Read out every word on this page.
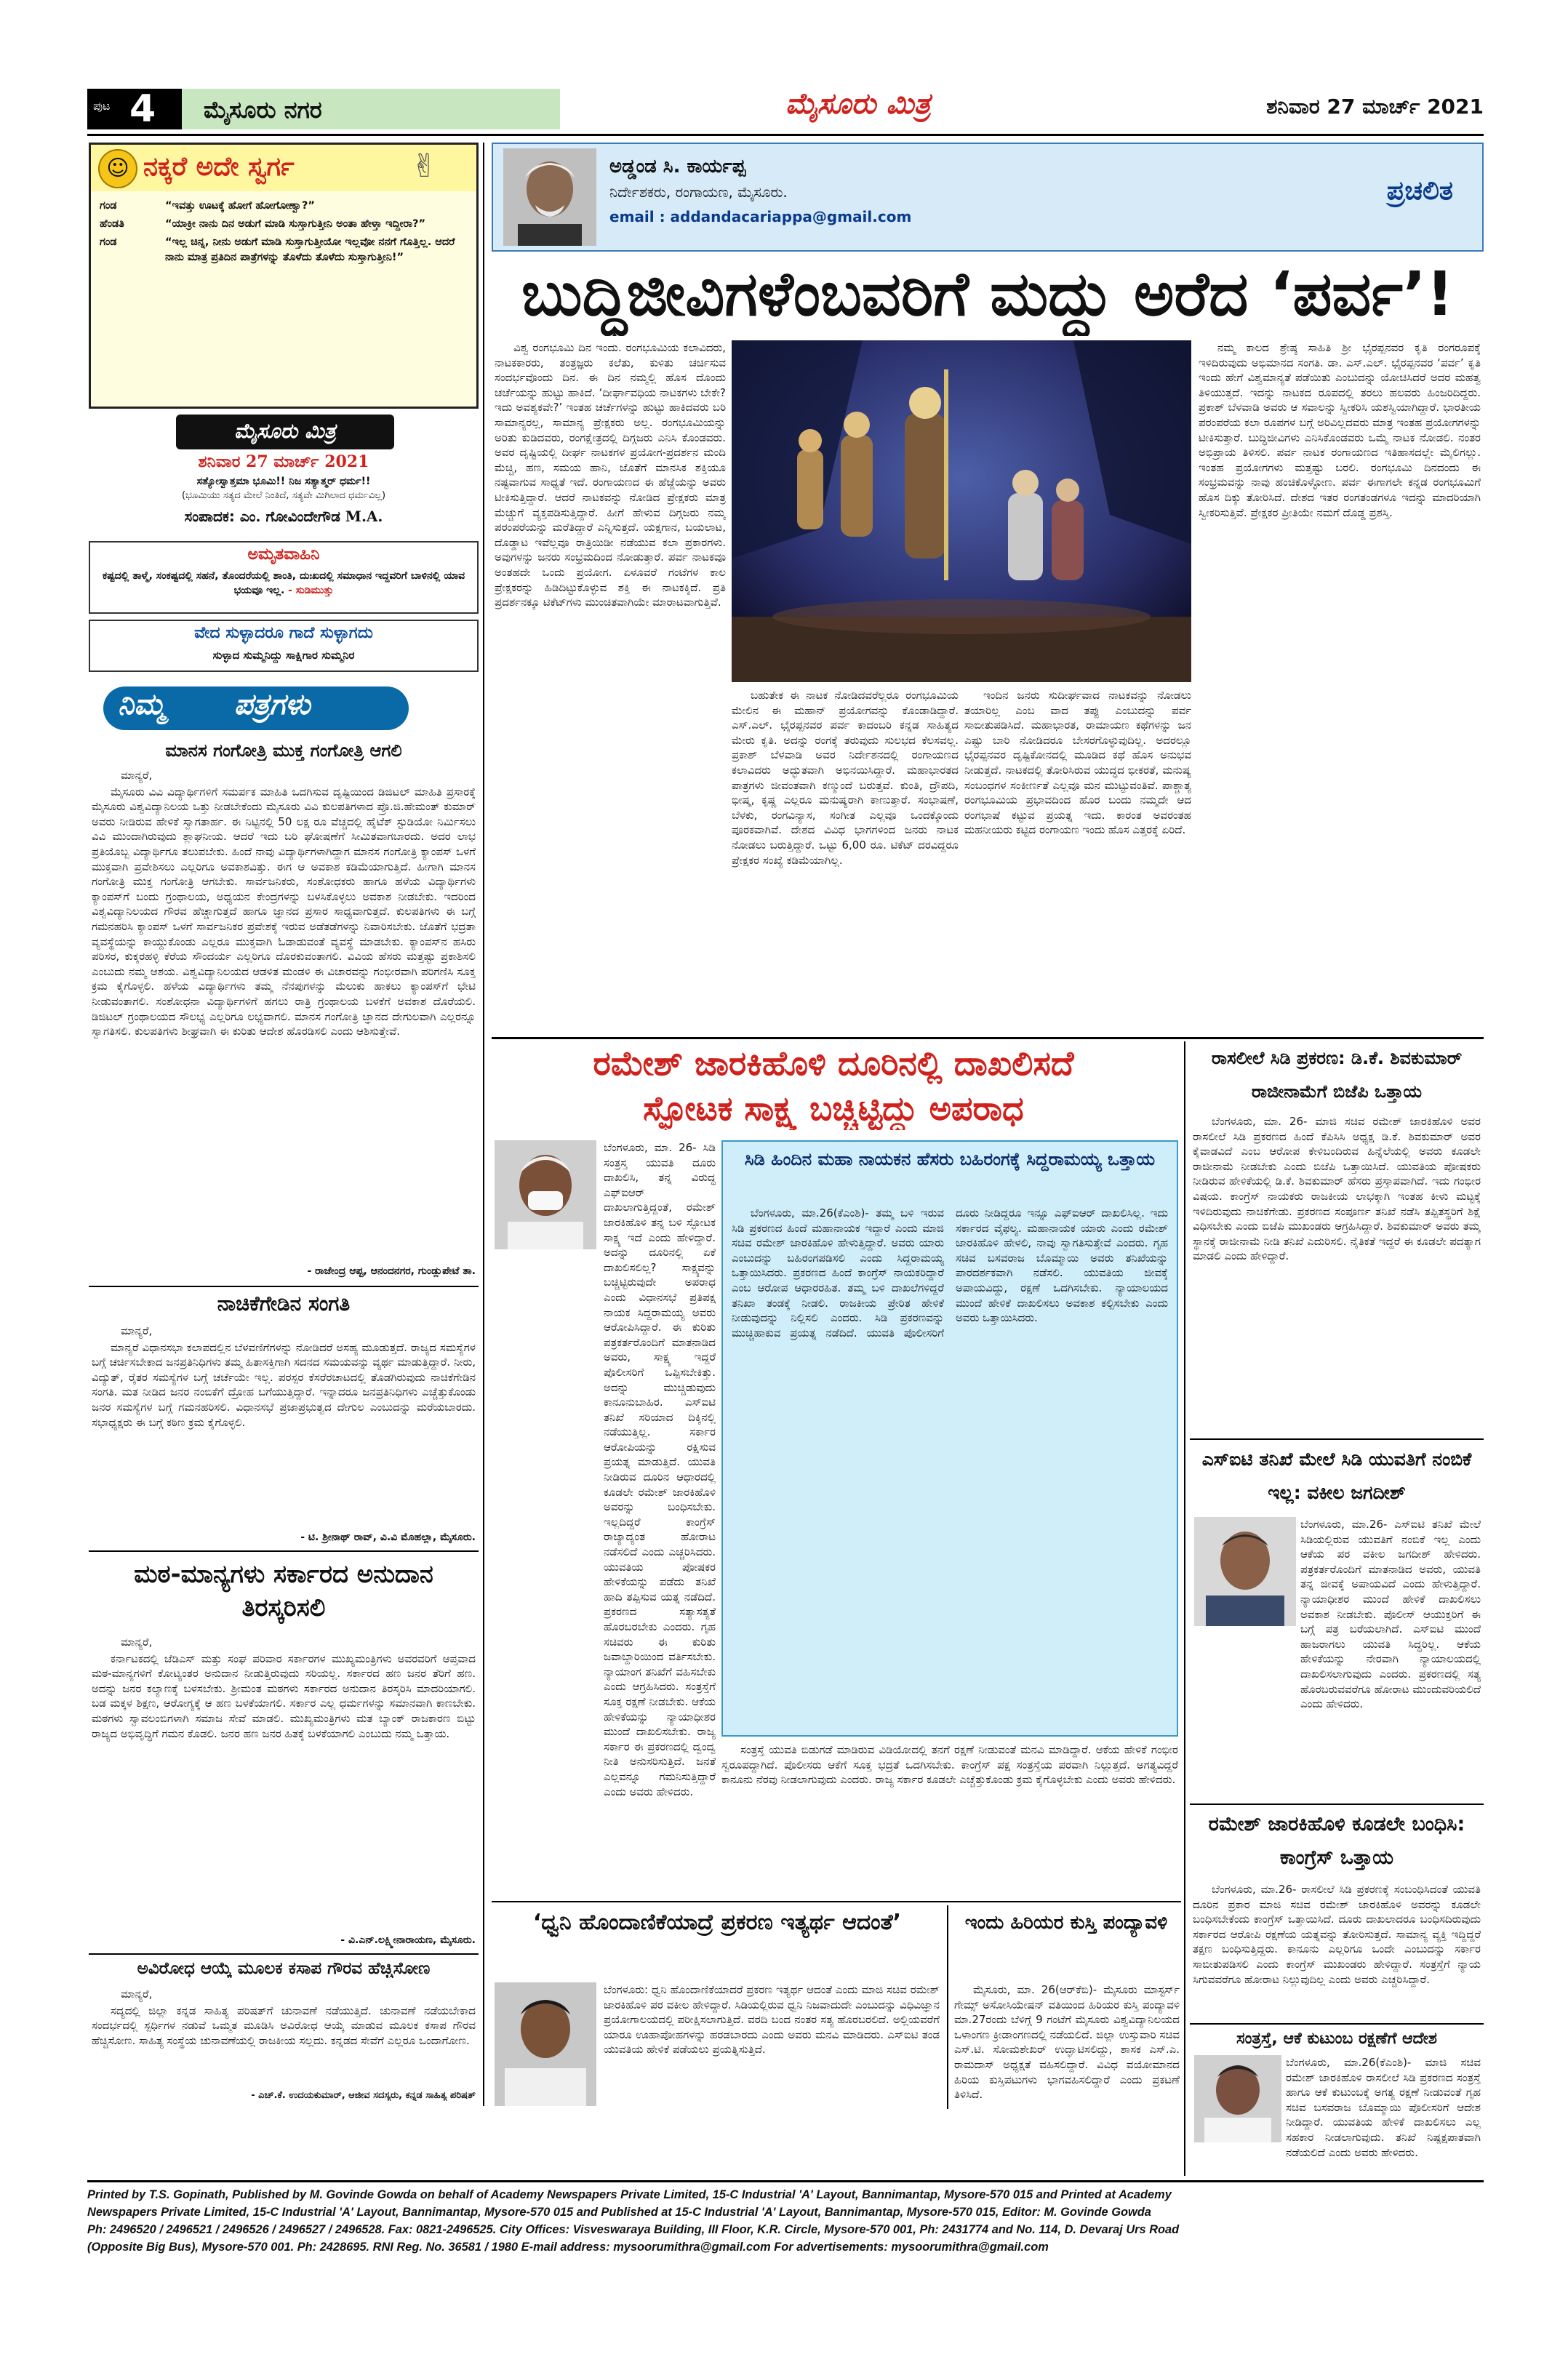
ಪುಟ 4 ಮೈಸೂರು ನಗರ	ಮೈಸೂರು ಮಿತ್ರ	ಶನಿವಾರ 27 ಮಾರ್ಚ್ 2021
☺ ನಕ್ಕರೆ ಅದೇ ಸ್ವರ್ಗ	✌
ಗಂಡ	“ಇವತ್ತು ಊಟಕ್ಕೆ ಹೋಗೆ ಹೋಗೋಣ್ವಾ?”
ಹೆಂಡತಿ	“ಯಾಕ್ರೀ ನಾನು ದಿನ ಅಡುಗೆ ಮಾಡಿ ಸುಸ್ತಾಗುತ್ತೀನಿ ಅಂತಾ ಹೇಳ್ತಾ ಇದ್ದೀರಾ?”
ಗಂಡ	“ಇಲ್ಲ ಚಿನ್ನ, ನೀನು ಅಡುಗೆ ಮಾಡಿ ಸುಸ್ತಾಗುತ್ತೀಯೋ ಇಲ್ಲವೋ ನನಗೆ ಗೊತ್ತಿಲ್ಲ. ಆದರೆ ನಾನು ಮಾತ್ರ ಪ್ರತಿದಿನ ಪಾತ್ರೆಗಳನ್ನು ತೊಳೆದು ತೊಳೆದು ಸುಸ್ತಾಗುತ್ತೀನಿ!”
ಮೈಸೂರು ಮಿತ್ರ
ಶನಿವಾರ 27 ಮಾರ್ಚ್ 2021
ಸತ್ಯೋಸ್ವಾತ್ತಮಾ ಭೂಮಿ!! ನಿಜ ಸತ್ಯಾತ್ಮರ್ ಧರ್ಮ!!
(ಭೂಮಿಯು ಸತ್ಯದ ಮೇಲೆ ನಿಂತಿದೆ, ಸತ್ಯವೇ ಮಿಗಿಲಾದ ಧರ್ಮವಿಲ್ಲ)
ಸಂಪಾದಕ: ಎಂ. ಗೋವಿಂದೇಗೌಡ M.A.
ಅಮೃತವಾಹಿನಿ
ಕಷ್ಟದಲ್ಲಿ ತಾಳ್ಮೆ, ಸಂಕಷ್ಟದಲ್ಲಿ ಸಹನೆ, ತೊಂದರೆಯಲ್ಲಿ ಶಾಂತಿ, ದುಃಖದಲ್ಲಿ ಸಮಾಧಾನ ಇದ್ದವರಿಗೆ ಬಾಳಿನಲ್ಲಿ ಯಾವ ಭಯವೂ ಇಲ್ಲ. - ಸುಡಿಮುತ್ತು
ವೇದ ಸುಳ್ಳಾದರೂ ಗಾದೆ ಸುಳ್ಳಾಗದು
ಸುಳ್ಳಾದ ಸುಮ್ಮನಿದ್ದು ಸಾಕ್ಷಿಗಾರ ಸುಮ್ಮನಿರ
ನಿಮ್ಮ ಪತ್ರಗಳು
ಮಾನಸ ಗಂಗೋತ್ರಿ ಮುಕ್ತ ಗಂಗೋತ್ರಿ ಆಗಲಿ

ಮಾನ್ಯರೆ,

ಮೈಸೂರು ವಿವಿ ವಿದ್ಯಾರ್ಥಿಗಳಿಗೆ ಸಮರ್ಪಕ ಮಾಹಿತಿ ಒದಗಿಸುವ ದೃಷ್ಟಿಯಿಂದ ಡಿಜಿಟಲ್ ಮಾಹಿತಿ ಪ್ರಸಾರಕ್ಕೆ ಮೈಸೂರು ವಿಶ್ವವಿದ್ಯಾನಿಲಯ ಒತ್ತು ನೀಡಬೇಕೆಂದು ಮೈಸೂರು ವಿವಿ ಕುಲಪತಿಗಳಾದ ಪ್ರೊ.ಜಿ.ಹೇಮಂತ್ ಕುಮಾರ್ ಅವರು ನೀಡಿರುವ ಹೇಳಿಕೆ ಸ್ವಾಗತಾರ್ಹ. ಈ ನಿಟ್ಟಿನಲ್ಲಿ 50 ಲಕ್ಷ ರೂ ವೆಚ್ಚದಲ್ಲಿ ಹೈಟೆಕ್ ಸ್ಟುಡಿಯೋ ನಿರ್ಮಿಸಲು ವಿವಿ ಮುಂದಾಗಿರುವುದು ಶ್ಲಾಘನೀಯ. ಆದರೆ ಇದು ಬರಿ ಘೋಷಣೆಗೆ ಸೀಮಿತವಾಗಬಾರದು. ಅದರ ಲಾಭ ಪ್ರತಿಯೊಬ್ಬ ವಿದ್ಯಾರ್ಥಿಗೂ ತಲುಪಬೇಕು. ಹಿಂದೆ ನಾವು ವಿದ್ಯಾರ್ಥಿಗಳಾಗಿದ್ದಾಗ ಮಾನಸ ಗಂಗೋತ್ರಿ ಕ್ಯಾಂಪಸ್ ಒಳಗೆ ಮುಕ್ತವಾಗಿ ಪ್ರವೇಶಿಸಲು ಎಲ್ಲರಿಗೂ ಅವಕಾಶವಿತ್ತು. ಈಗ ಆ ಅವಕಾಶ ಕಡಿಮೆಯಾಗುತ್ತಿದೆ. ಹೀಗಾಗಿ ಮಾನಸ ಗಂಗೋತ್ರಿ ಮುಕ್ತ ಗಂಗೋತ್ರಿ ಆಗಬೇಕು. ಸಾರ್ವಜನಿಕರು, ಸಂಶೋಧಕರು ಹಾಗೂ ಹಳೆಯ ವಿದ್ಯಾರ್ಥಿಗಳು ಕ್ಯಾಂಪಸ್‌ಗೆ ಬಂದು ಗ್ರಂಥಾಲಯ, ಅಧ್ಯಯನ ಕೇಂದ್ರಗಳನ್ನು ಬಳಸಿಕೊಳ್ಳಲು ಅವಕಾಶ ನೀಡಬೇಕು. ಇದರಿಂದ ವಿಶ್ವವಿದ್ಯಾನಿಲಯದ ಗೌರವ ಹೆಚ್ಚಾಗುತ್ತದೆ ಹಾಗೂ ಜ್ಞಾನದ ಪ್ರಸಾರ ಸಾಧ್ಯವಾಗುತ್ತದೆ. ಕುಲಪತಿಗಳು ಈ ಬಗ್ಗೆ ಗಮನಹರಿಸಿ ಕ್ಯಾಂಪಸ್ ಒಳಗೆ ಸಾರ್ವಜನಿಕರ ಪ್ರವೇಶಕ್ಕೆ ಇರುವ ಅಡೆತಡೆಗಳನ್ನು ನಿವಾರಿಸಬೇಕು. ಜೊತೆಗೆ ಭದ್ರತಾ ವ್ಯವಸ್ಥೆಯನ್ನು ಕಾಯ್ದುಕೊಂಡು ಎಲ್ಲರೂ ಮುಕ್ತವಾಗಿ ಓಡಾಡುವಂತೆ ವ್ಯವಸ್ಥೆ ಮಾಡಬೇಕು. ಕ್ಯಾಂಪಸ್‌ನ ಹಸಿರು ಪರಿಸರ, ಕುಕ್ಕರಹಳ್ಳಿ ಕೆರೆಯ ಸೌಂದರ್ಯ ಎಲ್ಲರಿಗೂ ದೊರಕುವಂತಾಗಲಿ. ವಿವಿಯ ಹೆಸರು ಮತ್ತಷ್ಟು ಪ್ರಕಾಶಿಸಲಿ ಎಂಬುದು ನಮ್ಮ ಆಶಯ. ವಿಶ್ವವಿದ್ಯಾನಿಲಯದ ಆಡಳಿತ ಮಂಡಳಿ ಈ ವಿಚಾರವನ್ನು ಗಂಭೀರವಾಗಿ ಪರಿಗಣಿಸಿ ಸೂಕ್ತ ಕ್ರಮ ಕೈಗೊಳ್ಳಲಿ. ಹಳೆಯ ವಿದ್ಯಾರ್ಥಿಗಳು ತಮ್ಮ ನೆನಪುಗಳನ್ನು ಮೆಲುಕು ಹಾಕಲು ಕ್ಯಾಂಪಸ್‌ಗೆ ಭೇಟಿ ನೀಡುವಂತಾಗಲಿ. ಸಂಶೋಧನಾ ವಿದ್ಯಾರ್ಥಿಗಳಿಗೆ ಹಗಲು ರಾತ್ರಿ ಗ್ರಂಥಾಲಯ ಬಳಕೆಗೆ ಅವಕಾಶ ದೊರೆಯಲಿ. ಡಿಜಿಟಲ್ ಗ್ರಂಥಾಲಯದ ಸೌಲಭ್ಯ ಎಲ್ಲರಿಗೂ ಲಭ್ಯವಾಗಲಿ. ಮಾನಸ ಗಂಗೋತ್ರಿ ಜ್ಞಾನದ ದೇಗುಲವಾಗಿ ಎಲ್ಲರನ್ನೂ ಸ್ವಾಗತಿಸಲಿ. ಕುಲಪತಿಗಳು ಶೀಘ್ರವಾಗಿ ಈ ಕುರಿತು ಆದೇಶ ಹೊರಡಿಸಲಿ ಎಂದು ಆಶಿಸುತ್ತೇವೆ.

- ರಾಜೇಂದ್ರ ಆಪ್ಟ, ಆನಂದನಗರ, ಗುಂಡ್ಲುಪೇಟೆ ತಾ.
ನಾಚಿಕೆಗೇಡಿನ ಸಂಗತಿ

ಮಾನ್ಯರೆ,

ಮಾನ್ಯರೆ ವಿಧಾನಸಭಾ ಕಲಾಪದಲ್ಲಿನ ಬೆಳವಣಿಗೆಗಳನ್ನು ನೋಡಿದರೆ ಅಸಹ್ಯ ಮೂಡುತ್ತದೆ. ರಾಜ್ಯದ ಸಮಸ್ಯೆಗಳ ಬಗ್ಗೆ ಚರ್ಚಿಸಬೇಕಾದ ಜನಪ್ರತಿನಿಧಿಗಳು ತಮ್ಮ ಹಿತಾಸಕ್ತಿಗಾಗಿ ಸದನದ ಸಮಯವನ್ನು ವ್ಯರ್ಥ ಮಾಡುತ್ತಿದ್ದಾರೆ. ನೀರು, ವಿದ್ಯುತ್, ರೈತರ ಸಮಸ್ಯೆಗಳ ಬಗ್ಗೆ ಚರ್ಚೆಯೇ ಇಲ್ಲ. ಪರಸ್ಪರ ಕೆಸರೆರಚಾಟದಲ್ಲಿ ತೊಡಗಿರುವುದು ನಾಚಿಕೆಗೇಡಿನ ಸಂಗತಿ. ಮತ ನೀಡಿದ ಜನರ ನಂಬಿಕೆಗೆ ದ್ರೋಹ ಬಗೆಯುತ್ತಿದ್ದಾರೆ. ಇನ್ನಾದರೂ ಜನಪ್ರತಿನಿಧಿಗಳು ಎಚ್ಚೆತ್ತುಕೊಂಡು ಜನರ ಸಮಸ್ಯೆಗಳ ಬಗ್ಗೆ ಗಮನಹರಿಸಲಿ. ವಿಧಾನಸಭೆ ಪ್ರಜಾಪ್ರಭುತ್ವದ ದೇಗುಲ ಎಂಬುದನ್ನು ಮರೆಯಬಾರದು. ಸಭಾಧ್ಯಕ್ಷರು ಈ ಬಗ್ಗೆ ಕಠಿಣ ಕ್ರಮ ಕೈಗೊಳ್ಳಲಿ.

- ಟಿ. ಶ್ರೀನಾಥ್ ರಾವ್, ವಿ.ವಿ ಮೊಹಲ್ಲಾ, ಮೈಸೂರು.
ಮಠ-ಮಾನ್ಯಗಳು ಸರ್ಕಾರದ ಅನುದಾನ ತಿರಸ್ಕರಿಸಲಿ

ಮಾನ್ಯರೆ,

ಕರ್ನಾಟಕದಲ್ಲಿ ಜೆಡಿಎಸ್ ಮತ್ತು ಸಂಘ ಪರಿವಾರ ಸರ್ಕಾರಗಳ ಮುಖ್ಯಮಂತ್ರಿಗಳು ಅವರವರಿಗೆ ಆಪ್ತವಾದ ಮಠ-ಮಾನ್ಯಗಳಿಗೆ ಕೋಟ್ಯಂತರ ಅನುದಾನ ನೀಡುತ್ತಿರುವುದು ಸರಿಯಲ್ಲ. ಸರ್ಕಾರದ ಹಣ ಜನರ ತೆರಿಗೆ ಹಣ. ಅದನ್ನು ಜನರ ಕಲ್ಯಾಣಕ್ಕೆ ಬಳಸಬೇಕು. ಶ್ರೀಮಂತ ಮಠಗಳು ಸರ್ಕಾರದ ಅನುದಾನ ತಿರಸ್ಕರಿಸಿ ಮಾದರಿಯಾಗಲಿ. ಬಡ ಮಕ್ಕಳ ಶಿಕ್ಷಣ, ಆರೋಗ್ಯಕ್ಕೆ ಆ ಹಣ ಬಳಕೆಯಾಗಲಿ. ಸರ್ಕಾರ ಎಲ್ಲ ಧರ್ಮಗಳನ್ನು ಸಮಾನವಾಗಿ ಕಾಣಬೇಕು. ಮಠಗಳು ಸ್ವಾವಲಂಬಿಗಳಾಗಿ ಸಮಾಜ ಸೇವೆ ಮಾಡಲಿ. ಮುಖ್ಯಮಂತ್ರಿಗಳು ಮತ ಬ್ಯಾಂಕ್ ರಾಜಕಾರಣ ಬಿಟ್ಟು ರಾಜ್ಯದ ಅಭಿವೃದ್ಧಿಗೆ ಗಮನ ಕೊಡಲಿ. ಜನರ ಹಣ ಜನರ ಹಿತಕ್ಕೆ ಬಳಕೆಯಾಗಲಿ ಎಂಬುದು ನಮ್ಮ ಒತ್ತಾಯ.

- ವಿ.ಎನ್.ಲಕ್ಷ್ಮೀನಾರಾಯಣ, ಮೈಸೂರು.
ಅವಿರೋಧ ಆಯ್ಕೆ ಮೂಲಕ ಕಸಾಪ ಗೌರವ ಹೆಚ್ಚಿಸೋಣ

ಮಾನ್ಯರೆ,

ಸದ್ಯದಲ್ಲಿ ಜಿಲ್ಲಾ ಕನ್ನಡ ಸಾಹಿತ್ಯ ಪರಿಷತ್‌ಗೆ ಚುನಾವಣೆ ನಡೆಯುತ್ತಿದೆ. ಚುನಾವಣೆ ನಡೆಯಬೇಕಾದ ಸಂದರ್ಭದಲ್ಲಿ ಸ್ಪರ್ಧಿಗಳ ನಡುವೆ ಒಮ್ಮತ ಮೂಡಿಸಿ ಅವಿರೋಧ ಆಯ್ಕೆ ಮಾಡುವ ಮೂಲಕ ಕಸಾಪ ಗೌರವ ಹೆಚ್ಚಿಸೋಣ. ಸಾಹಿತ್ಯ ಸಂಸ್ಥೆಯ ಚುನಾವಣೆಯಲ್ಲಿ ರಾಜಕೀಯ ಸಲ್ಲದು. ಕನ್ನಡದ ಸೇವೆಗೆ ಎಲ್ಲರೂ ಒಂದಾಗೋಣ.

- ಎಚ್.ಕೆ. ಉದಯಕುಮಾರ್, ಆಜೀವ ಸದಸ್ಯರು, ಕನ್ನಡ ಸಾಹಿತ್ಯ ಪರಿಷತ್
ಅಡ್ಡಂಡ ಸಿ. ಕಾರ್ಯಪ್ಪ
ನಿರ್ದೇಶಕರು, ರಂಗಾಯಣ, ಮೈಸೂರು.
email : addandacariappa@gmail.com
ಪ್ರಚಲಿತ
ಬುದ್ಧಿಜೀವಿಗಳೆಂಬವರಿಗೆ ಮದ್ದು ಅರೆದ ‘ಪರ್ವ’!
ವಿಶ್ವ ರಂಗಭೂಮಿ ದಿನ ಇಂದು. ರಂಗಭೂಮಿಯ ಕಲಾವಿದರು, ನಾಟಕಕಾರರು, ತಂತ್ರಜ್ಞರು ಕಲೆತು, ಕುಳಿತು ಚರ್ಚಿಸುವ ಸಂದರ್ಭವೊಂದು ದಿನ. ಈ ದಿನ ನಮ್ಮಲ್ಲಿ ಹೊಸ ದೊಂದು ಚರ್ಚೆಯನ್ನು ಹುಟ್ಟು ಹಾಕಿದೆ. ‘ದೀರ್ಘಾವಧಿಯ ನಾಟಕಗಳು ಬೇಕೇ? ಇದು ಅವಶ್ಯಕವೇ?’ ಇಂತಹ ಚರ್ಚೆಗಳನ್ನು ಹುಟ್ಟು ಹಾಕಿದವರು ಬರಿ ಸಾಮಾನ್ಯರಲ್ಲ, ಸಾಮಾನ್ಯ ಪ್ರೇಕ್ಷಕರು ಅಲ್ಲ. ರಂಗಭೂಮಿಯನ್ನು ಅರಿತು ಕುಡಿದವರು, ರಂಗಕ್ಷೇತ್ರದಲ್ಲಿ ದಿಗ್ಗಜರು ಎನಿಸಿ ಕೊಂಡವರು. ಅವರ ದೃಷ್ಟಿಯಲ್ಲಿ ದೀರ್ಘ ನಾಟಕಗಳ ಪ್ರಯೋಗ-ಪ್ರದರ್ಶನ ಮಂದಿ ಮೆಚ್ಚಿ, ಹಣ, ಸಮಯ ಹಾನಿ, ಜೊತೆಗೆ ಮಾನಸಿಕ ಶಕ್ತಿಯೂ ನಷ್ಟವಾಗುವ ಸಾಧ್ಯತೆ ಇದೆ. ರಂಗಾಯಣದ ಈ ಹೆಜ್ಜೆಯನ್ನು ಅವರು ಟೀಕಿಸುತ್ತಿದ್ದಾರೆ. ಆದರೆ ನಾಟಕವನ್ನು ನೋಡಿದ ಪ್ರೇಕ್ಷಕರು ಮಾತ್ರ ಮೆಚ್ಚುಗೆ ವ್ಯಕ್ತಪಡಿಸುತ್ತಿದ್ದಾರೆ. ಹೀಗೆ ಹೇಳುವ ದಿಗ್ಗಜರು ನಮ್ಮ ಪರಂಪರೆಯನ್ನು ಮರೆತಿದ್ದಾರೆ ಎನ್ನಿಸುತ್ತದೆ. ಯಕ್ಷಗಾನ, ಬಯಲಾಟ, ದೊಡ್ಡಾಟ ಇವೆಲ್ಲವೂ ರಾತ್ರಿಯಿಡೀ ನಡೆಯುವ ಕಲಾ ಪ್ರಕಾರಗಳು. ಅವುಗಳನ್ನು ಜನರು ಸಂಭ್ರಮದಿಂದ ನೋಡುತ್ತಾರೆ. ಪರ್ವ ನಾಟಕವೂ ಅಂತಹದೇ ಒಂದು ಪ್ರಯೋಗ. ಏಳೂವರೆ ಗಂಟೆಗಳ ಕಾಲ ಪ್ರೇಕ್ಷಕರನ್ನು ಹಿಡಿದಿಟ್ಟುಕೊಳ್ಳುವ ಶಕ್ತಿ ಈ ನಾಟಕಕ್ಕಿದೆ. ಪ್ರತಿ ಪ್ರದರ್ಶನಕ್ಕೂ ಟಿಕೆಟ್‌ಗಳು ಮುಂಚಿತವಾಗಿಯೇ ಮಾರಾಟವಾಗುತ್ತಿವೆ.
ಬಹುತೇಕ ಈ ನಾಟಕ ನೋಡಿದವರೆಲ್ಲರೂ ರಂಗಭೂಮಿಯ ಮೇಲಿನ ಈ ಮಹಾನ್ ಪ್ರಯೋಗವನ್ನು ಕೊಂಡಾಡಿದ್ದಾರೆ. ಎಸ್.ಎಲ್. ಭೈರಪ್ಪನವರ ಪರ್ವ ಕಾದಂಬರಿ ಕನ್ನಡ ಸಾಹಿತ್ಯದ ಮೇರು ಕೃತಿ. ಅದನ್ನು ರಂಗಕ್ಕೆ ತರುವುದು ಸುಲಭದ ಕೆಲಸವಲ್ಲ. ಪ್ರಕಾಶ್ ಬೆಳವಾಡಿ ಅವರ ನಿರ್ದೇಶನದಲ್ಲಿ ರಂಗಾಯಣದ ಕಲಾವಿದರು ಅದ್ಭುತವಾಗಿ ಅಭಿನಯಿಸಿದ್ದಾರೆ. ಮಹಾಭಾರತದ ಪಾತ್ರಗಳು ಜೀವಂತವಾಗಿ ಕಣ್ಮುಂದೆ ಬರುತ್ತವೆ. ಕುಂತಿ, ದ್ರೌಪದಿ, ಭೀಷ್ಮ, ಕೃಷ್ಣ ಎಲ್ಲರೂ ಮನುಷ್ಯರಾಗಿ ಕಾಣುತ್ತಾರೆ. ಸಂಭಾಷಣೆ, ಬೆಳಕು, ರಂಗವಿನ್ಯಾಸ, ಸಂಗೀತ ಎಲ್ಲವೂ ಒಂದಕ್ಕೊಂದು ಪೂರಕವಾಗಿವೆ. ದೇಶದ ವಿವಿಧ ಭಾಗಗಳಿಂದ ಜನರು ನಾಟಕ ನೋಡಲು ಬರುತ್ತಿದ್ದಾರೆ. ಒಟ್ಟು 6,00 ರೂ. ಟಿಕೆಟ್ ದರವಿದ್ದರೂ ಪ್ರೇಕ್ಷಕರ ಸಂಖ್ಯೆ ಕಡಿಮೆಯಾಗಿಲ್ಲ.
ಇಂದಿನ ಜನರು ಸುದೀರ್ಘವಾದ ನಾಟಕವನ್ನು ನೋಡಲು ತಯಾರಿಲ್ಲ ಎಂಬ ವಾದ ತಪ್ಪು ಎಂಬುದನ್ನು ಪರ್ವ ಸಾಬೀತುಪಡಿಸಿದೆ. ಮಹಾಭಾರತ, ರಾಮಾಯಣ ಕಥೆಗಳನ್ನು ಜನ ಎಷ್ಟು ಬಾರಿ ನೋಡಿದರೂ ಬೇಸರಗೊಳ್ಳುವುದಿಲ್ಲ. ಅದರಲ್ಲೂ ಭೈರಪ್ಪನವರ ದೃಷ್ಟಿಕೋನದಲ್ಲಿ ಮೂಡಿದ ಕಥೆ ಹೊಸ ಅನುಭವ ನೀಡುತ್ತದೆ. ನಾಟಕದಲ್ಲಿ ತೋರಿಸಿರುವ ಯುದ್ಧದ ಭೀಕರತೆ, ಮನುಷ್ಯ ಸಂಬಂಧಗಳ ಸಂಕೀರ್ಣತೆ ಎಲ್ಲವೂ ಮನ ಮುಟ್ಟುವಂತಿವೆ. ಪಾಶ್ಚಾತ್ಯ ರಂಗಭೂಮಿಯ ಪ್ರಭಾವದಿಂದ ಹೊರ ಬಂದು ನಮ್ಮದೇ ಆದ ರಂಗಭಾಷೆ ಕಟ್ಟುವ ಪ್ರಯತ್ನ ಇದು. ಕಾರಂತ ಅವರಂತಹ ಮಹನೀಯರು ಕಟ್ಟಿದ ರಂಗಾಯಣ ಇಂದು ಹೊಸ ಎತ್ತರಕ್ಕೆ ಏರಿದೆ.
ನಮ್ಮ ಕಾಲದ ಶ್ರೇಷ್ಠ ಸಾಹಿತಿ ಶ್ರೀ ಭೈರಪ್ಪನವರ ಕೃತಿ ರಂಗರೂಪಕ್ಕೆ ಇಳಿದಿರುವುದು ಅಭಿಮಾನದ ಸಂಗತಿ. ಡಾ. ಎಸ್.ಎಲ್. ಭೈರಪ್ಪನವರ ‘ಪರ್ವ’ ಕೃತಿ ಇಂದು ಹೇಗೆ ವಿಶ್ವಮಾನ್ಯತೆ ಪಡೆಯಿತು ಎಂಬುದನ್ನು ಯೋಚಿಸಿದರೆ ಅದರ ಮಹತ್ವ ತಿಳಿಯುತ್ತದೆ. ಇದನ್ನು ನಾಟಕದ ರೂಪದಲ್ಲಿ ತರಲು ಹಲವರು ಹಿಂಜರಿದಿದ್ದರು. ಪ್ರಕಾಶ್ ಬೆಳವಾಡಿ ಅವರು ಆ ಸವಾಲನ್ನು ಸ್ವೀಕರಿಸಿ ಯಶಸ್ವಿಯಾಗಿದ್ದಾರೆ. ಭಾರತೀಯ ಪರಂಪರೆಯ ಕಲಾ ರೂಪಗಳ ಬಗ್ಗೆ ಅರಿವಿಲ್ಲದವರು ಮಾತ್ರ ಇಂತಹ ಪ್ರಯೋಗಗಳನ್ನು ಟೀಕಿಸುತ್ತಾರೆ. ಬುದ್ಧಿಜೀವಿಗಳು ಎನಿಸಿಕೊಂಡವರು ಒಮ್ಮೆ ನಾಟಕ ನೋಡಲಿ. ನಂತರ ಅಭಿಪ್ರಾಯ ತಿಳಿಸಲಿ. ಪರ್ವ ನಾಟಕ ರಂಗಾಯಣದ ಇತಿಹಾಸದಲ್ಲೇ ಮೈಲಿಗಲ್ಲು. ಇಂತಹ ಪ್ರಯೋಗಗಳು ಮತ್ತಷ್ಟು ಬರಲಿ. ರಂಗಭೂಮಿ ದಿನದಂದು ಈ ಸಂಭ್ರಮವನ್ನು ನಾವು ಹಂಚಿಕೊಳ್ಳೋಣ. ಪರ್ವ ಈಗಾಗಲೇ ಕನ್ನಡ ರಂಗಭೂಮಿಗೆ ಹೊಸ ದಿಕ್ಕು ತೋರಿಸಿದೆ. ದೇಶದ ಇತರ ರಂಗತಂಡಗಳೂ ಇದನ್ನು ಮಾದರಿಯಾಗಿ ಸ್ವೀಕರಿಸುತ್ತಿವೆ. ಪ್ರೇಕ್ಷಕರ ಪ್ರೀತಿಯೇ ನಮಗೆ ದೊಡ್ಡ ಪ್ರಶಸ್ತಿ.
ರಮೇಶ್ ಜಾರಕಿಹೊಳಿ ದೂರಿನಲ್ಲಿ ದಾಖಲಿಸದೆ
ಸ್ಫೋಟಕ ಸಾಕ್ಷ್ಯ ಬಚ್ಚಿಟ್ಟಿದ್ದು ಅಪರಾಧ
ಬೆಂಗಳೂರು, ಮಾ. 26- ಸಿಡಿ ಸಂತ್ರಸ್ತ ಯುವತಿ ದೂರು ದಾಖಲಿಸಿ, ತನ್ನ ವಿರುದ್ಧ ಎಫ್‌ಐಆರ್ ದಾಖಲಾಗುತ್ತಿದ್ದಂತೆ, ರಮೇಶ್ ಜಾರಕಿಹೊಳಿ ತನ್ನ ಬಳಿ ಸ್ಫೋಟಕ ಸಾಕ್ಷ್ಯ ಇದೆ ಎಂದು ಹೇಳಿದ್ದಾರೆ. ಅದನ್ನು ದೂರಿನಲ್ಲಿ ಏಕೆ ದಾಖಲಿಸಲಿಲ್ಲ? ಸಾಕ್ಷ್ಯವನ್ನು ಬಚ್ಚಿಟ್ಟಿರುವುದೇ ಅಪರಾಧ ಎಂದು ವಿಧಾನಸಭೆ ಪ್ರತಿಪಕ್ಷ ನಾಯಕ ಸಿದ್ದರಾಮಯ್ಯ ಅವರು ಆರೋಪಿಸಿದ್ದಾರೆ. ಈ ಕುರಿತು ಪತ್ರಕರ್ತರೊಂದಿಗೆ ಮಾತನಾಡಿದ ಅವರು, ಸಾಕ್ಷ್ಯ ಇದ್ದರೆ ಪೊಲೀಸರಿಗೆ ಒಪ್ಪಿಸಬೇಕಿತ್ತು. ಅದನ್ನು ಮುಚ್ಚಿಡುವುದು ಕಾನೂನುಬಾಹಿರ. ಎಸ್‌ಐಟಿ ತನಿಖೆ ಸರಿಯಾದ ದಿಕ್ಕಿನಲ್ಲಿ ನಡೆಯುತ್ತಿಲ್ಲ. ಸರ್ಕಾರ ಆರೋಪಿಯನ್ನು ರಕ್ಷಿಸುವ ಪ್ರಯತ್ನ ಮಾಡುತ್ತಿದೆ. ಯುವತಿ ನೀಡಿರುವ ದೂರಿನ ಆಧಾರದಲ್ಲಿ ಕೂಡಲೇ ರಮೇಶ್ ಜಾರಕಿಹೊಳಿ ಅವರನ್ನು ಬಂಧಿಸಬೇಕು. ಇಲ್ಲದಿದ್ದರೆ ಕಾಂಗ್ರೆಸ್ ರಾಜ್ಯಾದ್ಯಂತ ಹೋರಾಟ ನಡೆಸಲಿದೆ ಎಂದು ಎಚ್ಚರಿಸಿದರು. ಯುವತಿಯ ಪೋಷಕರ ಹೇಳಿಕೆಯನ್ನು ಪಡೆದು ತನಿಖೆ ಹಾದಿ ತಪ್ಪಿಸುವ ಯತ್ನ ನಡೆದಿದೆ. ಪ್ರಕರಣದ ಸತ್ಯಾಸತ್ಯತೆ ಹೊರಬರಬೇಕು ಎಂದರು. ಗೃಹ ಸಚಿವರು ಈ ಕುರಿತು ಜವಾಬ್ದಾರಿಯಿಂದ ವರ್ತಿಸಬೇಕು. ನ್ಯಾಯಾಂಗ ತನಿಖೆಗೆ ವಹಿಸಬೇಕು ಎಂದು ಆಗ್ರಹಿಸಿದರು. ಸಂತ್ರಸ್ತೆಗೆ ಸೂಕ್ತ ರಕ್ಷಣೆ ನೀಡಬೇಕು. ಆಕೆಯ ಹೇಳಿಕೆಯನ್ನು ನ್ಯಾಯಾಧೀಶರ ಮುಂದೆ ದಾಖಲಿಸಬೇಕು. ರಾಜ್ಯ ಸರ್ಕಾರ ಈ ಪ್ರಕರಣದಲ್ಲಿ ದ್ವಂದ್ವ ನೀತಿ ಅನುಸರಿಸುತ್ತಿದೆ. ಜನತೆ ಎಲ್ಲವನ್ನೂ ಗಮನಿಸುತ್ತಿದ್ದಾರೆ ಎಂದು ಅವರು ಹೇಳಿದರು.
ಸಿಡಿ ಹಿಂದಿನ ಮಹಾ ನಾಯಕನ ಹೆಸರು ಬಹಿರಂಗಕ್ಕೆ ಸಿದ್ದರಾಮಯ್ಯ ಒತ್ತಾಯ
ಬೆಂಗಳೂರು, ಮಾ.26(ಕೆಎಂಶಿ)- ತಮ್ಮ ಬಳಿ ಇರುವ ಸಿಡಿ ಪ್ರಕರಣದ ಹಿಂದೆ ಮಹಾನಾಯಕ ಇದ್ದಾರೆ ಎಂದು ಮಾಜಿ ಸಚಿವ ರಮೇಶ್ ಜಾರಕಿಹೊಳಿ ಹೇಳುತ್ತಿದ್ದಾರೆ. ಅವರು ಯಾರು ಎಂಬುದನ್ನು ಬಹಿರಂಗಪಡಿಸಲಿ ಎಂದು ಸಿದ್ದರಾಮಯ್ಯ ಒತ್ತಾಯಿಸಿದರು. ಪ್ರಕರಣದ ಹಿಂದೆ ಕಾಂಗ್ರೆಸ್ ನಾಯಕರಿದ್ದಾರೆ ಎಂಬ ಆರೋಪ ಆಧಾರರಹಿತ. ತಮ್ಮ ಬಳಿ ದಾಖಲೆಗಳಿದ್ದರೆ ತನಿಖಾ ತಂಡಕ್ಕೆ ನೀಡಲಿ. ರಾಜಕೀಯ ಪ್ರೇರಿತ ಹೇಳಿಕೆ ನೀಡುವುದನ್ನು ನಿಲ್ಲಿಸಲಿ ಎಂದರು. ಸಿಡಿ ಪ್ರಕರಣವನ್ನು ಮುಚ್ಚಿಹಾಕುವ ಪ್ರಯತ್ನ ನಡೆದಿದೆ. ಯುವತಿ ಪೊಲೀಸರಿಗೆ ದೂರು ನೀಡಿದ್ದರೂ ಇನ್ನೂ ಎಫ್‌ಐಆರ್ ದಾಖಲಿಸಿಲ್ಲ. ಇದು ಸರ್ಕಾರದ ವೈಫಲ್ಯ. ಮಹಾನಾಯಕ ಯಾರು ಎಂದು ರಮೇಶ್ ಜಾರಕಿಹೊಳಿ ಹೇಳಲಿ, ನಾವು ಸ್ವಾಗತಿಸುತ್ತೇವೆ ಎಂದರು. ಗೃಹ ಸಚಿವ ಬಸವರಾಜ ಬೊಮ್ಮಾಯಿ ಅವರು ತನಿಖೆಯನ್ನು ಪಾರದರ್ಶಕವಾಗಿ ನಡೆಸಲಿ. ಯುವತಿಯ ಜೀವಕ್ಕೆ ಅಪಾಯವಿದ್ದು, ರಕ್ಷಣೆ ಒದಗಿಸಬೇಕು. ನ್ಯಾಯಾಲಯದ ಮುಂದೆ ಹೇಳಿಕೆ ದಾಖಲಿಸಲು ಅವಕಾಶ ಕಲ್ಪಿಸಬೇಕು ಎಂದು ಅವರು ಒತ್ತಾಯಿಸಿದರು.
ಸಂತ್ರಸ್ತೆ ಯುವತಿ ಬಿಡುಗಡೆ ಮಾಡಿರುವ ವಿಡಿಯೋದಲ್ಲಿ ತನಗೆ ರಕ್ಷಣೆ ನೀಡುವಂತೆ ಮನವಿ ಮಾಡಿದ್ದಾರೆ. ಆಕೆಯ ಹೇಳಿಕೆ ಗಂಭೀರ ಸ್ವರೂಪದ್ದಾಗಿದೆ. ಪೊಲೀಸರು ಆಕೆಗೆ ಸೂಕ್ತ ಭದ್ರತೆ ಒದಗಿಸಬೇಕು. ಕಾಂಗ್ರೆಸ್ ಪಕ್ಷ ಸಂತ್ರಸ್ತೆಯ ಪರವಾಗಿ ನಿಲ್ಲುತ್ತದೆ. ಅಗತ್ಯವಿದ್ದರೆ ಕಾನೂನು ನೆರವು ನೀಡಲಾಗುವುದು ಎಂದರು. ರಾಜ್ಯ ಸರ್ಕಾರ ಕೂಡಲೇ ಎಚ್ಚೆತ್ತುಕೊಂಡು ಕ್ರಮ ಕೈಗೊಳ್ಳಬೇಕು ಎಂದು ಅವರು ಹೇಳಿದರು.
ರಾಸಲೀಲೆ ಸಿಡಿ ಪ್ರಕರಣ: ಡಿ.ಕೆ. ಶಿವಕುಮಾರ್ ರಾಜೀನಾಮೆಗೆ ಬಿಜೆಪಿ ಒತ್ತಾಯ
ಬೆಂಗಳೂರು, ಮಾ. 26- ಮಾಜಿ ಸಚಿವ ರಮೇಶ್ ಜಾರಕಿಹೊಳಿ ಅವರ ರಾಸಲೀಲೆ ಸಿಡಿ ಪ್ರಕರಣದ ಹಿಂದೆ ಕೆಪಿಸಿಸಿ ಅಧ್ಯಕ್ಷ ಡಿ.ಕೆ. ಶಿವಕುಮಾರ್ ಅವರ ಕೈವಾಡವಿದೆ ಎಂಬ ಆರೋಪ ಕೇಳಿಬಂದಿರುವ ಹಿನ್ನೆಲೆಯಲ್ಲಿ ಅವರು ಕೂಡಲೇ ರಾಜೀನಾಮೆ ನೀಡಬೇಕು ಎಂದು ಬಿಜೆಪಿ ಒತ್ತಾಯಿಸಿದೆ. ಯುವತಿಯ ಪೋಷಕರು ನೀಡಿರುವ ಹೇಳಿಕೆಯಲ್ಲಿ ಡಿ.ಕೆ. ಶಿವಕುಮಾರ್ ಹೆಸರು ಪ್ರಸ್ತಾಪವಾಗಿದೆ. ಇದು ಗಂಭೀರ ವಿಷಯ. ಕಾಂಗ್ರೆಸ್ ನಾಯಕರು ರಾಜಕೀಯ ಲಾಭಕ್ಕಾಗಿ ಇಂತಹ ಕೀಳು ಮಟ್ಟಕ್ಕೆ ಇಳಿದಿರುವುದು ನಾಚಿಕೆಗೇಡು. ಪ್ರಕರಣದ ಸಂಪೂರ್ಣ ತನಿಖೆ ನಡೆಸಿ ತಪ್ಪಿತಸ್ಥರಿಗೆ ಶಿಕ್ಷೆ ವಿಧಿಸಬೇಕು ಎಂದು ಬಿಜೆಪಿ ಮುಖಂಡರು ಆಗ್ರಹಿಸಿದ್ದಾರೆ. ಶಿವಕುಮಾರ್ ಅವರು ತಮ್ಮ ಸ್ಥಾನಕ್ಕೆ ರಾಜೀನಾಮೆ ನೀಡಿ ತನಿಖೆ ಎದುರಿಸಲಿ. ನೈತಿಕತೆ ಇದ್ದರೆ ಈ ಕೂಡಲೇ ಪದತ್ಯಾಗ ಮಾಡಲಿ ಎಂದು ಹೇಳಿದ್ದಾರೆ.
ಎಸ್‌ಐಟಿ ತನಿಖೆ ಮೇಲೆ ಸಿಡಿ ಯುವತಿಗೆ ನಂಬಿಕೆ ಇಲ್ಲ: ವಕೀಲ ಜಗದೀಶ್
ಬೆಂಗಳೂರು, ಮಾ.26- ಎಸ್‌ಐಟಿ ತನಿಖೆ ಮೇಲೆ ಸಿಡಿಯಲ್ಲಿರುವ ಯುವತಿಗೆ ನಂಬಿಕೆ ಇಲ್ಲ ಎಂದು ಆಕೆಯ ಪರ ವಕೀಲ ಜಗದೀಶ್ ಹೇಳಿದರು. ಪತ್ರಕರ್ತರೊಂದಿಗೆ ಮಾತನಾಡಿದ ಅವರು, ಯುವತಿ ತನ್ನ ಜೀವಕ್ಕೆ ಅಪಾಯವಿದೆ ಎಂದು ಹೇಳುತ್ತಿದ್ದಾರೆ. ನ್ಯಾಯಾಧೀಶರ ಮುಂದೆ ಹೇಳಿಕೆ ದಾಖಲಿಸಲು ಅವಕಾಶ ನೀಡಬೇಕು. ಪೊಲೀಸ್ ಆಯುಕ್ತರಿಗೆ ಈ ಬಗ್ಗೆ ಪತ್ರ ಬರೆಯಲಾಗಿದೆ. ಎಸ್‌ಐಟಿ ಮುಂದೆ ಹಾಜರಾಗಲು ಯುವತಿ ಸಿದ್ಧರಿಲ್ಲ. ಆಕೆಯ ಹೇಳಿಕೆಯನ್ನು ನೇರವಾಗಿ ನ್ಯಾಯಾಲಯದಲ್ಲಿ ದಾಖಲಿಸಲಾಗುವುದು ಎಂದರು. ಪ್ರಕರಣದಲ್ಲಿ ಸತ್ಯ ಹೊರಬರುವವರೆಗೂ ಹೋರಾಟ ಮುಂದುವರಿಯಲಿದೆ ಎಂದು ಹೇಳಿದರು.
ರಮೇಶ್ ಜಾರಕಿಹೊಳಿ ಕೂಡಲೇ ಬಂಧಿಸಿ: ಕಾಂಗ್ರೆಸ್ ಒತ್ತಾಯ
ಬೆಂಗಳೂರು, ಮಾ.26- ರಾಸಲೀಲೆ ಸಿಡಿ ಪ್ರಕರಣಕ್ಕೆ ಸಂಬಂಧಿಸಿದಂತೆ ಯುವತಿ ದೂರಿನ ಪ್ರಕಾರ ಮಾಜಿ ಸಚಿವ ರಮೇಶ್ ಜಾರಕಿಹೊಳಿ ಅವರನ್ನು ಕೂಡಲೇ ಬಂಧಿಸಬೇಕೆಂದು ಕಾಂಗ್ರೆಸ್ ಒತ್ತಾಯಿಸಿದೆ. ದೂರು ದಾಖಲಾದರೂ ಬಂಧಿಸದಿರುವುದು ಸರ್ಕಾರದ ಆರೋಪಿ ರಕ್ಷಣೆಯ ಯತ್ನವನ್ನು ತೋರಿಸುತ್ತದೆ. ಸಾಮಾನ್ಯ ವ್ಯಕ್ತಿ ಇದ್ದಿದ್ದರೆ ತಕ್ಷಣ ಬಂಧಿಸುತ್ತಿದ್ದರು. ಕಾನೂನು ಎಲ್ಲರಿಗೂ ಒಂದೇ ಎಂಬುದನ್ನು ಸರ್ಕಾರ ಸಾಬೀತುಪಡಿಸಲಿ ಎಂದು ಕಾಂಗ್ರೆಸ್ ಮುಖಂಡರು ಹೇಳಿದ್ದಾರೆ. ಸಂತ್ರಸ್ತೆಗೆ ನ್ಯಾಯ ಸಿಗುವವರೆಗೂ ಹೋರಾಟ ನಿಲ್ಲುವುದಿಲ್ಲ ಎಂದು ಅವರು ಎಚ್ಚರಿಸಿದ್ದಾರೆ.
ಸಂತ್ರಸ್ತೆ, ಆಕೆ ಕುಟುಂಬ ರಕ್ಷಣೆಗೆ ಆದೇಶ
ಬೆಂಗಳೂರು, ಮಾ.26(ಕೆಎಂಶಿ)- ಮಾಜಿ ಸಚಿವ ರಮೇಶ್ ಜಾರಕಿಹೊಳಿ ರಾಸಲೀಲೆ ಸಿಡಿ ಪ್ರಕರಣದ ಸಂತ್ರಸ್ತೆ ಹಾಗೂ ಆಕೆ ಕುಟುಂಬಕ್ಕೆ ಅಗತ್ಯ ರಕ್ಷಣೆ ನೀಡುವಂತೆ ಗೃಹ ಸಚಿವ ಬಸವರಾಜ ಬೊಮ್ಮಾಯಿ ಪೊಲೀಸರಿಗೆ ಆದೇಶ ನೀಡಿದ್ದಾರೆ. ಯುವತಿಯ ಹೇಳಿಕೆ ದಾಖಲಿಸಲು ಎಲ್ಲ ಸಹಕಾರ ನೀಡಲಾಗುವುದು. ತನಿಖೆ ನಿಷ್ಪಕ್ಷಪಾತವಾಗಿ ನಡೆಯಲಿದೆ ಎಂದು ಅವರು ಹೇಳಿದರು.
‘ಧ್ವನಿ ಹೊಂದಾಣಿಕೆಯಾದ್ರೆ ಪ್ರಕರಣ ಇತ್ಯರ್ಥ ಆದಂತೆ’
ಬೆಂಗಳೂರು: ಧ್ವನಿ ಹೊಂದಾಣಿಕೆಯಾದರೆ ಪ್ರಕರಣ ಇತ್ಯರ್ಥ ಆದಂತೆ ಎಂದು ಮಾಜಿ ಸಚಿವ ರಮೇಶ್ ಜಾರಕಿಹೊಳಿ ಪರ ವಕೀಲ ಹೇಳಿದ್ದಾರೆ. ಸಿಡಿಯಲ್ಲಿರುವ ಧ್ವನಿ ನಿಜವಾದುದೇ ಎಂಬುದನ್ನು ವಿಧಿವಿಜ್ಞಾನ ಪ್ರಯೋಗಾಲಯದಲ್ಲಿ ಪರೀಕ್ಷಿಸಲಾಗುತ್ತಿದೆ. ವರದಿ ಬಂದ ನಂತರ ಸತ್ಯ ಹೊರಬರಲಿದೆ. ಅಲ್ಲಿಯವರೆಗೆ ಯಾರೂ ಊಹಾಪೋಹಗಳನ್ನು ಹರಡಬಾರದು ಎಂದು ಅವರು ಮನವಿ ಮಾಡಿದರು. ಎಸ್‌ಐಟಿ ತಂಡ ಯುವತಿಯ ಹೇಳಿಕೆ ಪಡೆಯಲು ಪ್ರಯತ್ನಿಸುತ್ತಿದೆ.
ಇಂದು ಹಿರಿಯರ ಕುಸ್ತಿ ಪಂದ್ಯಾವಳಿ
ಮೈಸೂರು, ಮಾ. 26(ಆರ್‌ಕೆಬಿ)- ಮೈಸೂರು ಮಾಸ್ಟರ್ಸ್ ಗೇಮ್ಸ್ ಅಸೋಸಿಯೇಷನ್ ವತಿಯಿಂದ ಹಿರಿಯರ ಕುಸ್ತಿ ಪಂದ್ಯಾವಳಿ ಮಾ.27ರಂದು ಬೆಳಿಗ್ಗೆ 9 ಗಂಟೆಗೆ ಮೈಸೂರು ವಿಶ್ವವಿದ್ಯಾನಿಲಯದ ಒಳಾಂಗಣ ಕ್ರೀಡಾಂಗಣದಲ್ಲಿ ನಡೆಯಲಿದೆ. ಜಿಲ್ಲಾ ಉಸ್ತುವಾರಿ ಸಚಿವ ಎಸ್.ಟಿ. ಸೋಮಶೇಖರ್ ಉದ್ಘಾಟಿಸಲಿದ್ದು, ಶಾಸಕ ಎಸ್.ಎ. ರಾಮದಾಸ್ ಅಧ್ಯಕ್ಷತೆ ವಹಿಸಲಿದ್ದಾರೆ. ವಿವಿಧ ವಯೋಮಾನದ ಹಿರಿಯ ಕುಸ್ತಿಪಟುಗಳು ಭಾಗವಹಿಸಲಿದ್ದಾರೆ ಎಂದು ಪ್ರಕಟಣೆ ತಿಳಿಸಿದೆ.
Printed by T.S. Gopinath, Published by M. Govinde Gowda on behalf of Academy Newspapers Private Limited, 15-C Industrial 'A' Layout, Bannimantap, Mysore-570 015 and Printed at Academy
Newspapers Private Limited, 15-C Industrial 'A' Layout, Bannimantap, Mysore-570 015 and Published at 15-C Industrial 'A' Layout, Bannimantap, Mysore-570 015, Editor: M. Govinde Gowda
Ph: 2496520 / 2496521 / 2496526 / 2496527 / 2496528. Fax: 0821-2496525. City Offices: Visveswaraya Building, III Floor, K.R. Circle, Mysore-570 001, Ph: 2431774 and No. 114, D. Devaraj Urs Road
(Opposite Big Bus), Mysore-570 001. Ph: 2428695. RNI Reg. No. 36581 / 1980 E-mail address: mysoorumithra@gmail.com For advertisements: mysoorumithra@gmail.com
